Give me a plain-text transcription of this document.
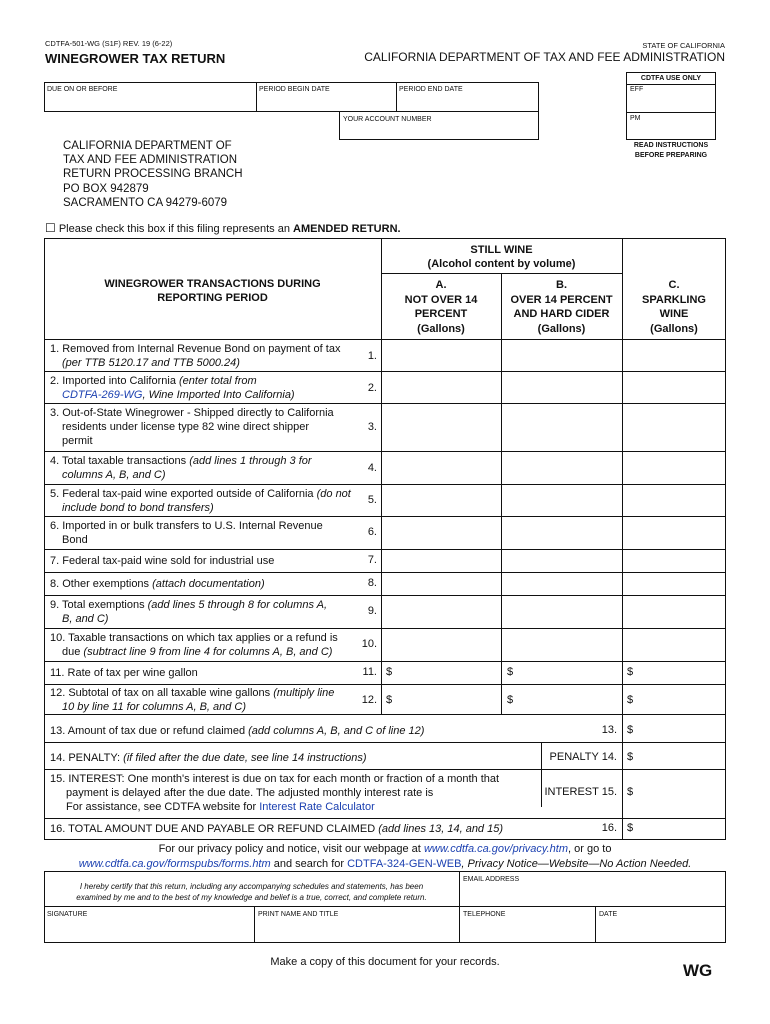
CDTFA-501-WG (S1F) REV. 19 (6-22)	STATE OF CALIFORNIA
WINEGROWER TAX RETURN	CALIFORNIA DEPARTMENT OF TAX AND FEE ADMINISTRATION
DUE ON OR BEFORE	PERIOD BEGIN DATE	PERIOD END DATE
YOUR ACCOUNT NUMBER
CDTFA USE ONLY
EFF
PM
READ INSTRUCTIONS
BEFORE PREPARING
CALIFORNIA DEPARTMENT OF
TAX AND FEE ADMINISTRATION
RETURN PROCESSING BRANCH
PO BOX 942879
SACRAMENTO CA 94279-6079
☐ Please check this box if this filing represents an AMENDED RETURN.
STILL WINE
(Alcohol content by volume)
WINEGROWER TRANSACTIONS DURING
REPORTING PERIOD
A.
NOT OVER 14
PERCENT
(Gallons)
B.
OVER 14 PERCENT
AND HARD CIDER
(Gallons)
C.
SPARKLING
WINE
(Gallons)
1. Removed from Internal Revenue Bond on payment of tax
(per TTB 5120.17 and TTB 5000.24)
1.
2. Imported into California (enter total from
CDTFA-269-WG, Wine Imported Into California)
2.
3. Out-of-State Winegrower - Shipped directly to California
residents under license type 82 wine direct shipper
permit
3.
4. Total taxable transactions (add lines 1 through 3 for
columns A, B, and C)
4.
5. Federal tax-paid wine exported outside of California (do not
include bond to bond transfers)
5.
6. Imported in or bulk transfers to U.S. Internal Revenue
Bond
6.
7. Federal tax-paid wine sold for industrial use	7.
8. Other exemptions (attach documentation)	8.
9. Total exemptions (add lines 5 through 8 for columns A,
B, and C)
9.
10. Taxable transactions on which tax applies or a refund is
due (subtract line 9 from line 4 for columns A, B, and C)
10.
11. Rate of tax per wine gallon	11. $	$	$
12. Subtotal of tax on all taxable wine gallons (multiply line
10 by line 11 for columns A, B, and C)
12. $	$	$
13. Amount of tax due or refund claimed (add columns A, B, and C of line 12)	13. $
14. PENALTY: (if filed after the due date, see line 14 instructions)	PENALTY 14. $
15. INTEREST: One month's interest is due on tax for each month or fraction of a month that
payment is delayed after the due date. The adjusted monthly interest rate is
For assistance, see CDTFA website for Interest Rate Calculator
INTEREST 15. $
16. TOTAL AMOUNT DUE AND PAYABLE OR REFUND CLAIMED (add lines 13, 14, and 15)	16. $
For our privacy policy and notice, visit our webpage at www.cdtfa.ca.gov/privacy.htm, or go to
www.cdtfa.ca.gov/formspubs/forms.htm and search for CDTFA-324-GEN-WEB, Privacy Notice—Website—No Action Needed.
I hereby certify that this return, including any accompanying schedules and statements, has been
examined by me and to the best of my knowledge and belief is a true, correct, and complete return.
EMAIL ADDRESS
SIGNATURE	PRINT NAME AND TITLE	TELEPHONE	DATE
Make a copy of this document for your records.	WG
